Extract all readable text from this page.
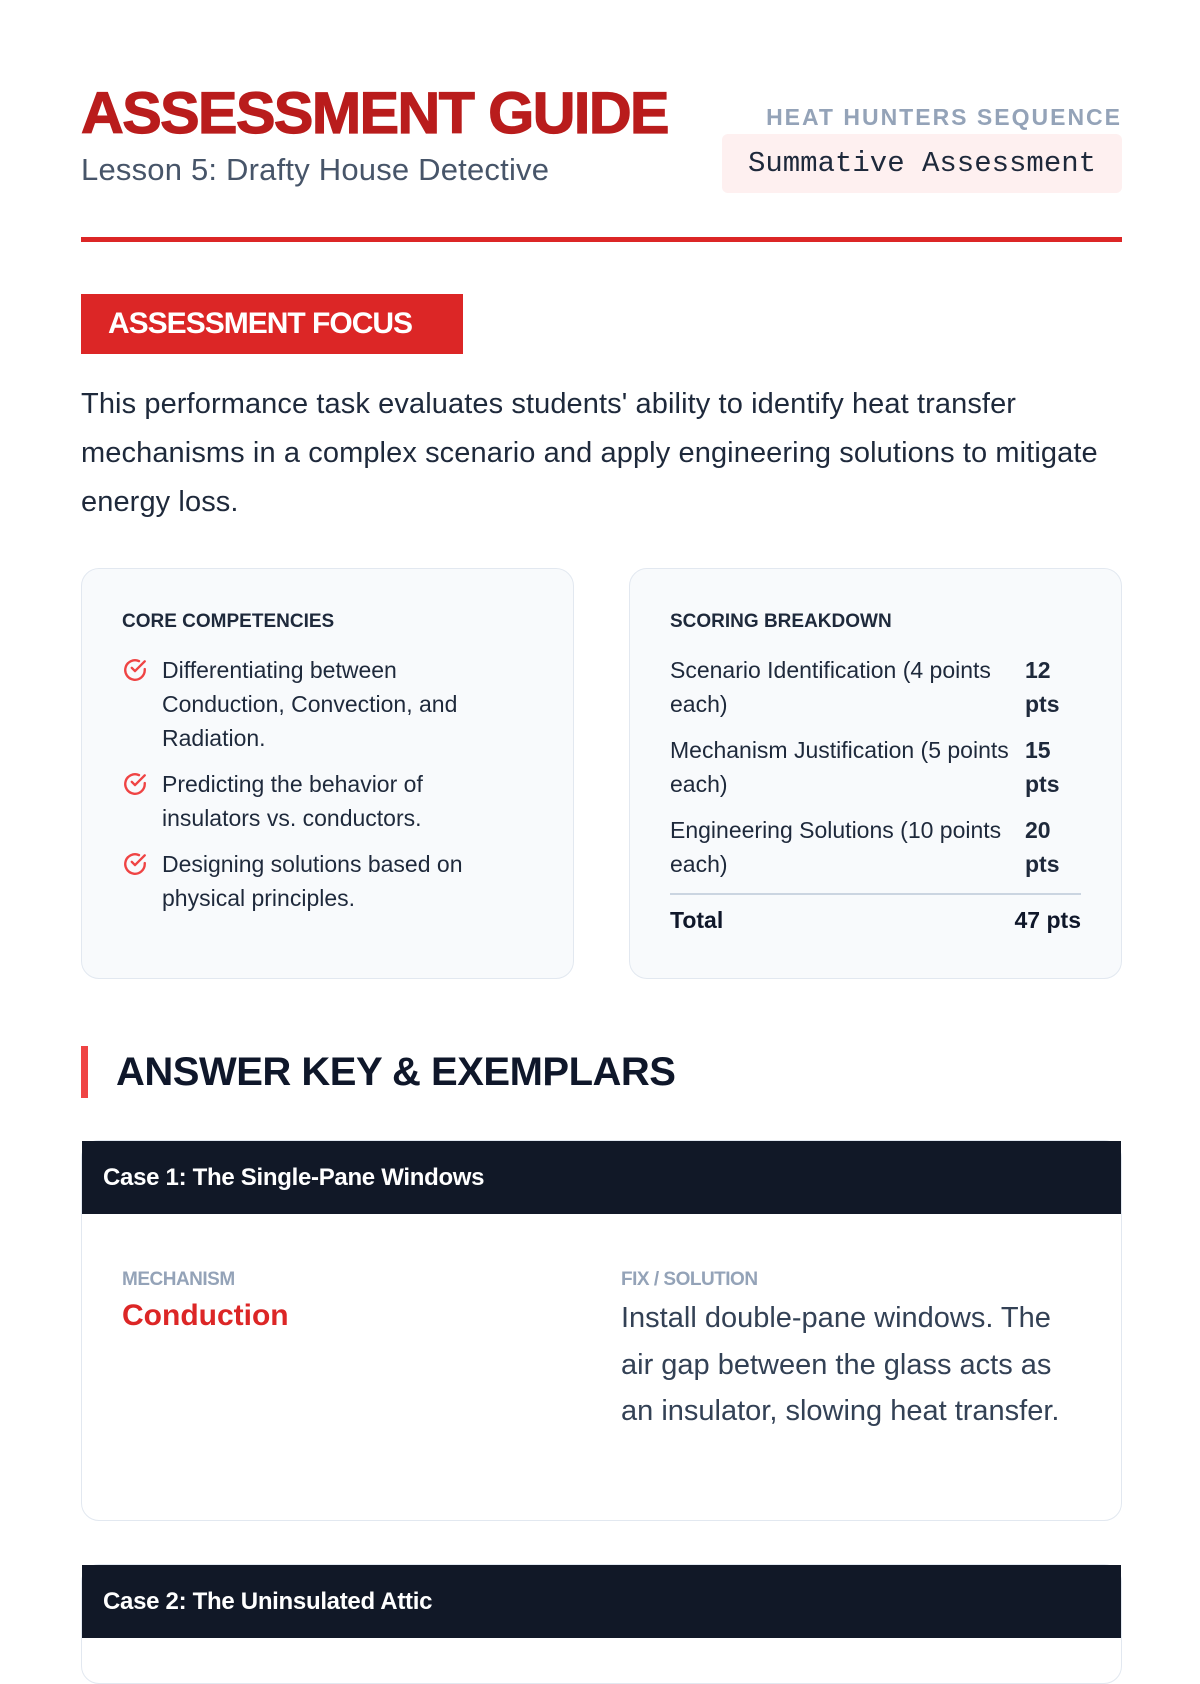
ASSESSMENT GUIDE
Lesson 5: Drafty House Detective
HEAT HUNTERS SEQUENCE
Summative Assessment
ASSESSMENT FOCUS

This performance task evaluates students' ability to identify heat transfer mechanisms in a complex scenario and apply engineering solutions to mitigate energy loss.

CORE COMPETENCIES
Differentiating between Conduction, Convection, and Radiation.
Predicting the behavior of insulators vs. conductors.
Designing solutions based on physical principles.
SCORING BREAKDOWN
Scenario Identification (4 points each)
12 pts
Mechanism Justification (5 points each)
15 pts
Engineering Solutions (10 points each)
20 pts
Total	47 pts
ANSWER KEY & EXEMPLARS
Case 1: The Single-Pane Windows
MECHANISM
Conduction
FIX / SOLUTION
Install double-pane windows. The air gap between the glass acts as an insulator, slowing heat transfer.
Case 2: The Uninsulated Attic
